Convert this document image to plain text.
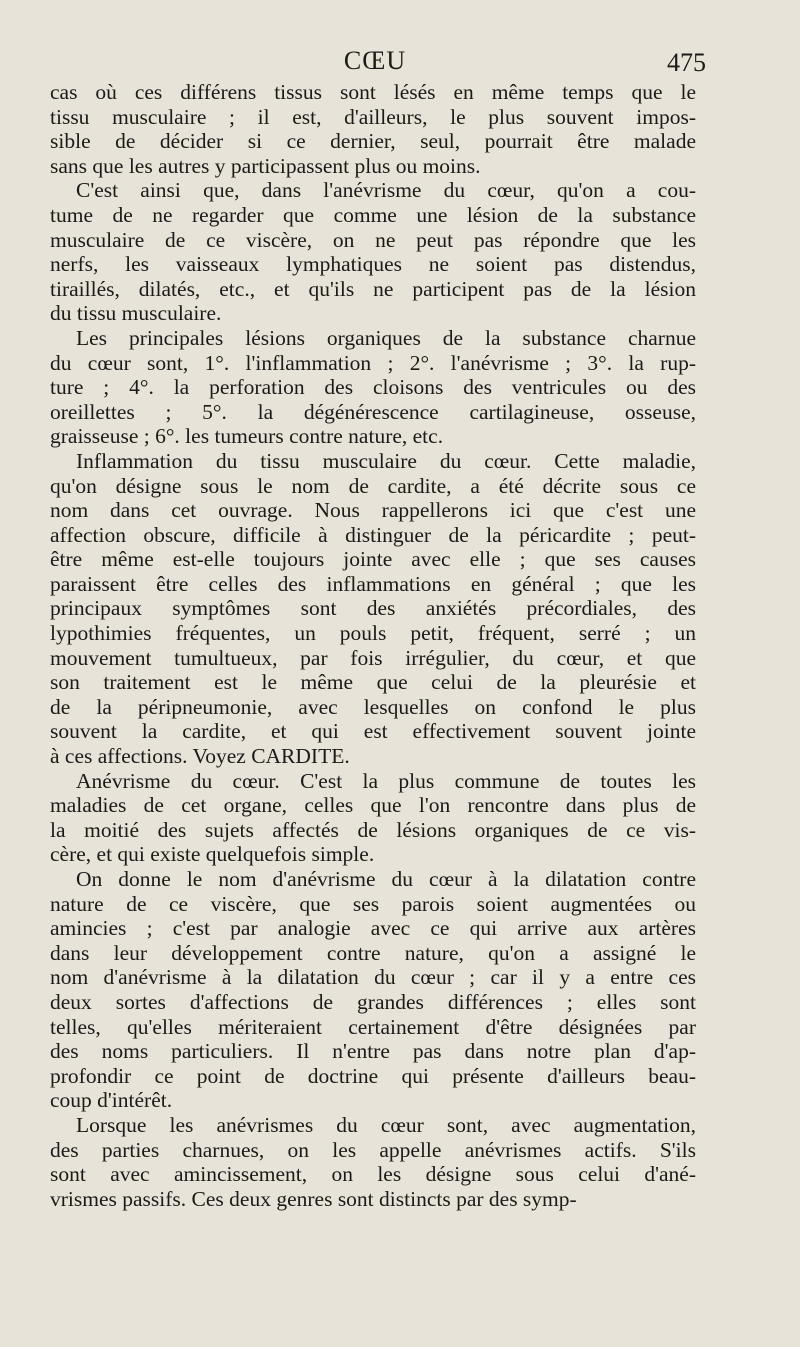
CŒU	475

cas où ces différens tissus sont lésés en même temps que le
tissu musculaire ; il est, d'ailleurs, le plus souvent impos-
sible de décider si ce dernier, seul, pourrait être malade
sans que les autres y participassent plus ou moins.

C'est ainsi que, dans l'anévrisme du cœur, qu'on a cou-
tume de ne regarder que comme une lésion de la substance
musculaire de ce viscère, on ne peut pas répondre que les
nerfs, les vaisseaux lymphatiques ne soient pas distendus,
tiraillés, dilatés, etc., et qu'ils ne participent pas de la lésion
du tissu musculaire.

Les principales lésions organiques de la substance charnue
du cœur sont, 1°. l'inflammation ; 2°. l'anévrisme ; 3°. la rup-
ture ; 4°. la perforation des cloisons des ventricules ou des
oreillettes ; 5°. la dégénérescence cartilagineuse, osseuse,
graisseuse ; 6°. les tumeurs contre nature, etc.

Inflammation du tissu musculaire du cœur. Cette maladie,
qu'on désigne sous le nom de cardite, a été décrite sous ce
nom dans cet ouvrage. Nous rappellerons ici que c'est une
affection obscure, difficile à distinguer de la péricardite ; peut-
être même est-elle toujours jointe avec elle ; que ses causes
paraissent être celles des inflammations en général ; que les
principaux symptômes sont des anxiétés précordiales, des
lypothimies fréquentes, un pouls petit, fréquent, serré ; un
mouvement tumultueux, par fois irrégulier, du cœur, et que
son traitement est le même que celui de la pleurésie et
de la péripneumonie, avec lesquelles on confond le plus
souvent la cardite, et qui est effectivement souvent jointe
à ces affections. Voyez CARDITE.

Anévrisme du cœur. C'est la plus commune de toutes les
maladies de cet organe, celles que l'on rencontre dans plus de
la moitié des sujets affectés de lésions organiques de ce vis-
cère, et qui existe quelquefois simple.

On donne le nom d'anévrisme du cœur à la dilatation contre
nature de ce viscère, que ses parois soient augmentées ou
amincies ; c'est par analogie avec ce qui arrive aux artères
dans leur développement contre nature, qu'on a assigné le
nom d'anévrisme à la dilatation du cœur ; car il y a entre ces
deux sortes d'affections de grandes différences ; elles sont
telles, qu'elles mériteraient certainement d'être désignées par
des noms particuliers. Il n'entre pas dans notre plan d'ap-
profondir ce point de doctrine qui présente d'ailleurs beau-
coup d'intérêt.

Lorsque les anévrismes du cœur sont, avec augmentation,
des parties charnues, on les appelle anévrismes actifs. S'ils
sont avec amincissement, on les désigne sous celui d'ané-
vrismes passifs. Ces deux genres sont distincts par des symp-
